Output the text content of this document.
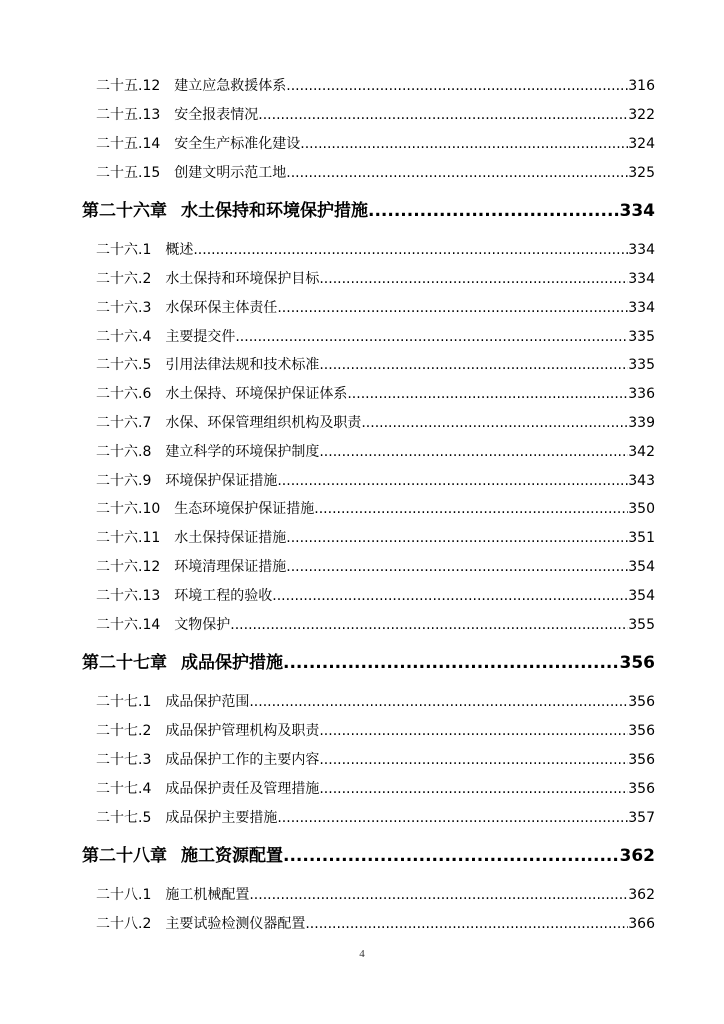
二十五.12	建立应急救援体系 .....	316
二十五.13	安全报表情况 .....	322
二十五.14	安全生产标准化建设 .....	324
二十五.15	创建文明示范工地 .....	325
第二十六章 水土保持和环境保护措施 .....	334
二十六.1	概述 .....	334
二十六.2	水土保持和环境保护目标 .....	334
二十六.3	水保环保主体责任 .....	334
二十六.4	主要提交件 .....	335
二十六.5	引用法律法规和技术标准 .....	335
二十六.6	水土保持、环境保护保证体系 .....	336
二十六.7	水保、环保管理组织机构及职责 .....	339
二十六.8	建立科学的环境保护制度 .....	342
二十六.9	环境保护保证措施 .....	343
二十六.10	生态环境保护保证措施 .....	350
二十六.11	水土保持保证措施 .....	351
二十六.12	环境清理保证措施 .....	354
二十六.13	环境工程的验收 .....	354
二十六.14	文物保护 .....	355
第二十七章 成品保护措施 .....	356
二十七.1	成品保护范围 .....	356
二十七.2	成品保护管理机构及职责 .....	356
二十七.3	成品保护工作的主要内容 .....	356
二十七.4	成品保护责任及管理措施 .....	356
二十七.5	成品保护主要措施 .....	357
第二十八章 施工资源配置 .....	362
二十八.1	施工机械配置 .....	362
二十八.2	主要试验检测仪器配置 .....	366
4
